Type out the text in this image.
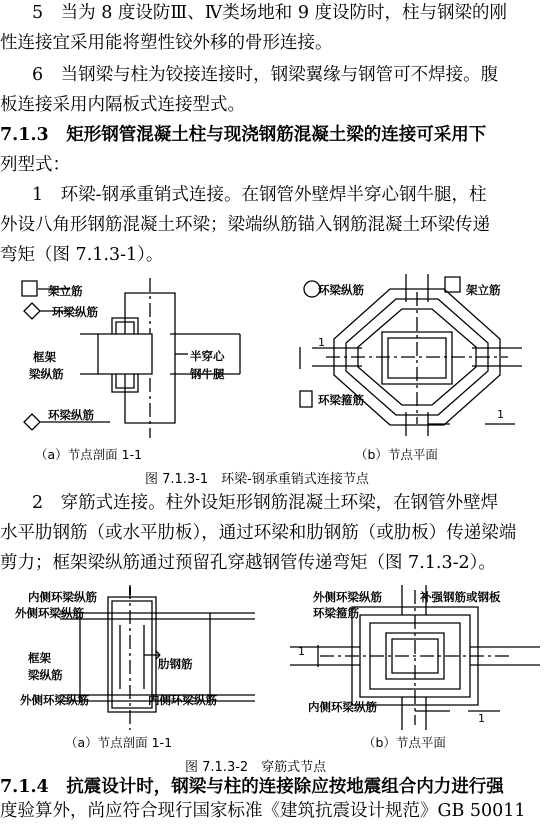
5　当为 8 度设防Ⅲ、Ⅳ类场地和 9 度设防时，柱与钢梁的刚
性连接宜采用能将塑性铰外移的骨形连接。
6　当钢梁与柱为铰接连接时，钢梁翼缘与钢管可不焊接。腹
板连接采用内隔板式连接型式。
7.1.3　矩形钢管混凝土柱与现浇钢筋混凝土梁的连接可采用下
列型式：
1　环梁-钢承重销式连接。在钢管外壁焊半穿心钢牛腿，柱
外设八角形钢筋混凝土环梁；梁端纵筋锚入钢筋混凝土环梁传递
弯矩（图 7.1.3-1）。
架立筋
环梁纵筋
框架
梁纵筋
半穿心
钢牛腿
环梁纵筋
环梁纵筋	架立筋
环梁箍筋
1
1
（a）节点剖面 1-1	（b）节点平面
图 7.1.3-1　环梁-钢承重销式连接节点
2　穿筋式连接。柱外设矩形钢筋混凝土环梁，在钢管外壁焊
水平肋钢筋（或水平肋板），通过环梁和肋钢筋（或肋板）传递梁端
剪力；框架梁纵筋通过预留孔穿越钢管传递弯矩（图 7.1.3-2）。
内侧环梁纵筋
外侧环梁纵筋
框架
梁纵筋
肋钢筋
外侧环梁纵筋	内侧环梁纵筋
外侧环梁纵筋	补强钢筋或钢板
环梁箍筋
内侧环梁纵筋
1
1
（a）节点剖面 1-1	（b）节点平面
图 7.1.3-2　穿筋式节点
7.1.4　抗震设计时，钢梁与柱的连接除应按地震组合内力进行强
度验算外，尚应符合现行国家标准《建筑抗震设计规范》GB 50011
